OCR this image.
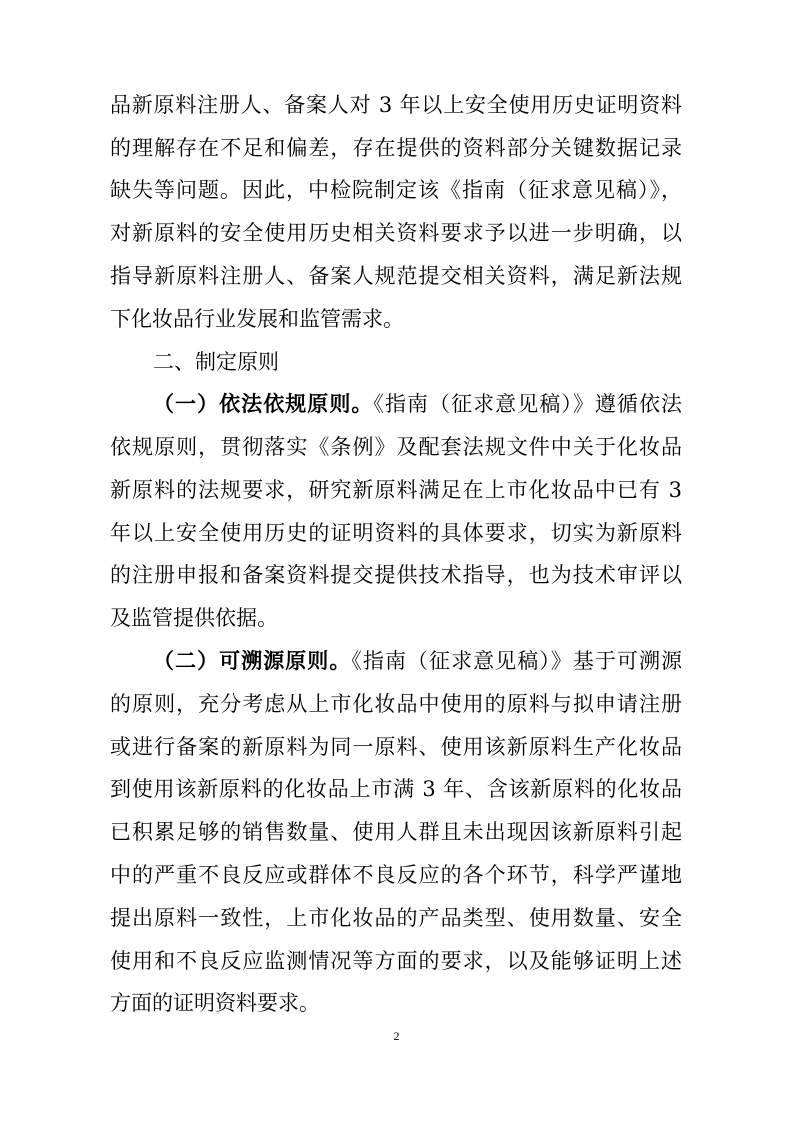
品新原料注册人、备案人对 3 年以上安全使用历史证明资料
的理解存在不足和偏差，存在提供的资料部分关键数据记录
缺失等问题。因此，中检院制定该《指南（征求意见稿）》，
对新原料的安全使用历史相关资料要求予以进一步明确，以
指导新原料注册人、备案人规范提交相关资料，满足新法规
下化妆品行业发展和监管需求。
二、制定原则
（一）依法依规原则。《指南（征求意见稿）》遵循依法
依规原则，贯彻落实《条例》及配套法规文件中关于化妆品
新原料的法规要求，研究新原料满足在上市化妆品中已有 3
年以上安全使用历史的证明资料的具体要求，切实为新原料
的注册申报和备案资料提交提供技术指导，也为技术审评以
及监管提供依据。
（二）可溯源原则。《指南（征求意见稿）》基于可溯源
的原则，充分考虑从上市化妆品中使用的原料与拟申请注册
或进行备案的新原料为同一原料、使用该新原料生产化妆品
到使用该新原料的化妆品上市满 3 年、含该新原料的化妆品
已积累足够的销售数量、使用人群且未出现因该新原料引起
中的严重不良反应或群体不良反应的各个环节，科学严谨地
提出原料一致性，上市化妆品的产品类型、使用数量、安全
使用和不良反应监测情况等方面的要求，以及能够证明上述
方面的证明资料要求。
2
